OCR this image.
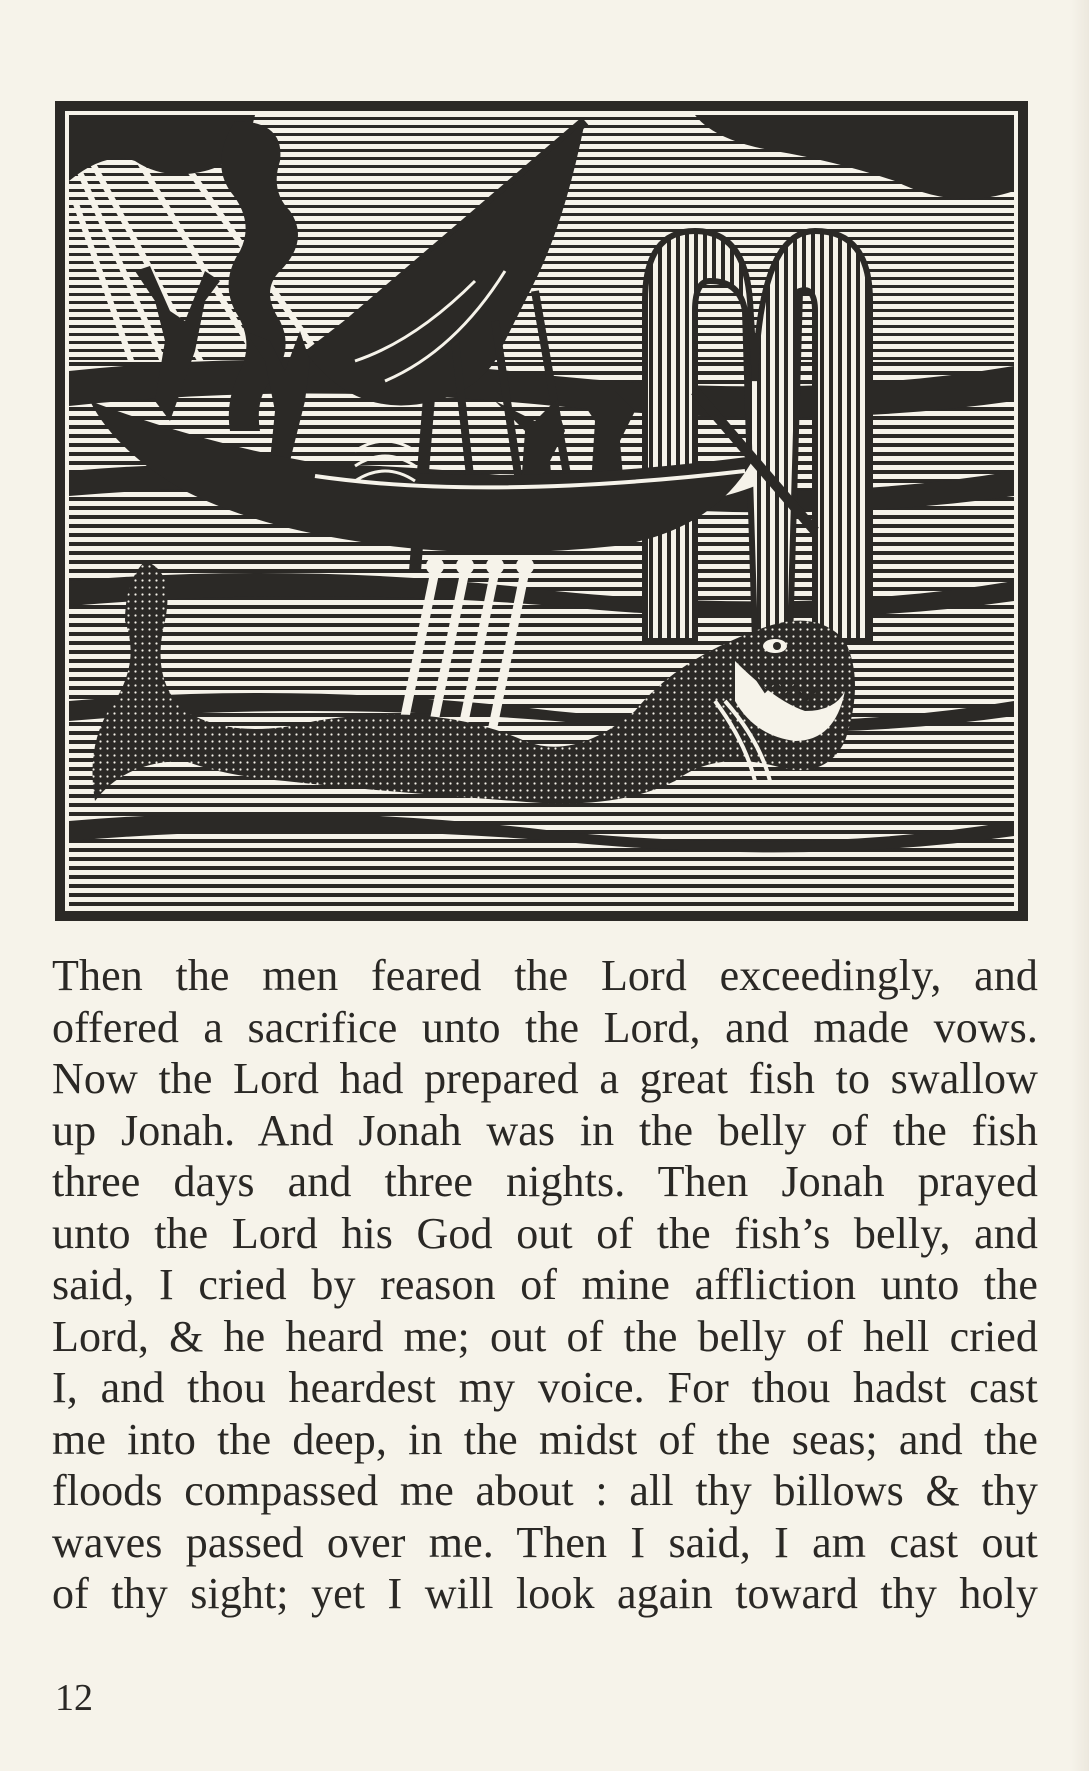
Then the men feared the Lord exceedingly, and
offered a sacrifice unto the Lord, and made vows.
Now the Lord had prepared a great fish to swallow
up Jonah. And Jonah was in the belly of the fish
three days and three nights. Then Jonah prayed
unto the Lord his God out of the fish’s belly, and
said, I cried by reason of mine affliction unto the
Lord, & he heard me; out of the belly of hell cried
I, and thou heardest my voice. For thou hadst cast
me into the deep, in the midst of the seas; and the
floods compassed me about : all thy billows & thy
waves passed over me. Then I said, I am cast out
of thy sight; yet I will look again toward thy holy
12
